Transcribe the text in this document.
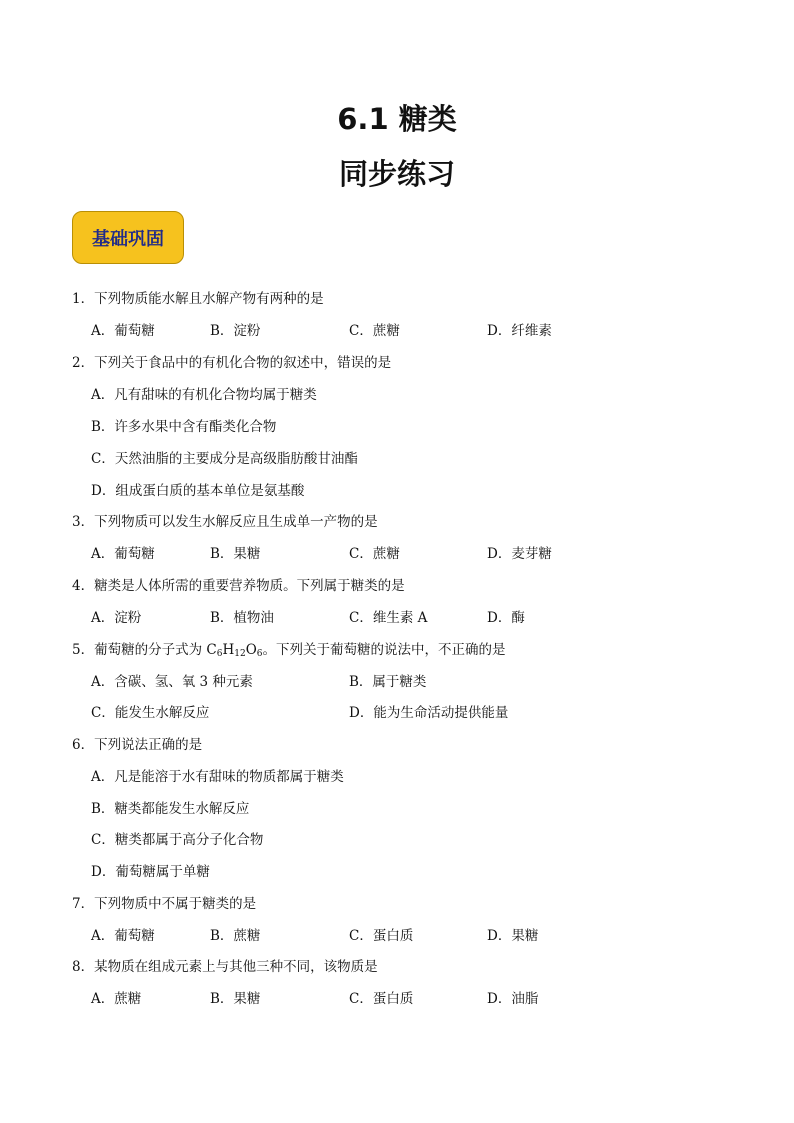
6.1 糖类
同步练习
基础巩固
1．下列物质能水解且水解产物有两种的是
A．葡萄糖	B．淀粉	C．蔗糖	D．纤维素
2．下列关于食品中的有机化合物的叙述中，错误的是
A．凡有甜味的有机化合物均属于糖类
B．许多水果中含有酯类化合物
C．天然油脂的主要成分是高级脂肪酸甘油酯
D．组成蛋白质的基本单位是氨基酸
3．下列物质可以发生水解反应且生成单一产物的是
A．葡萄糖	B．果糖	C．蔗糖	D．麦芽糖
4．糖类是人体所需的重要营养物质。下列属于糖类的是
A．淀粉	B．植物油	C．维生素 A	D．酶
5．葡萄糖的分子式为 $C_6H_{12}O_6$。下列关于葡萄糖的说法中，不正确的是
A．含碳、氢、氧 3 种元素	B．属于糖类
C．能发生水解反应	D．能为生命活动提供能量
6．下列说法正确的是
A．凡是能溶于水有甜味的物质都属于糖类
B．糖类都能发生水解反应
C．糖类都属于高分子化合物
D．葡萄糖属于单糖
7．下列物质中不属于糖类的是
A．葡萄糖	B．蔗糖	C．蛋白质	D．果糖
8．某物质在组成元素上与其他三种不同，该物质是
A．蔗糖	B．果糖	C．蛋白质	D．油脂
